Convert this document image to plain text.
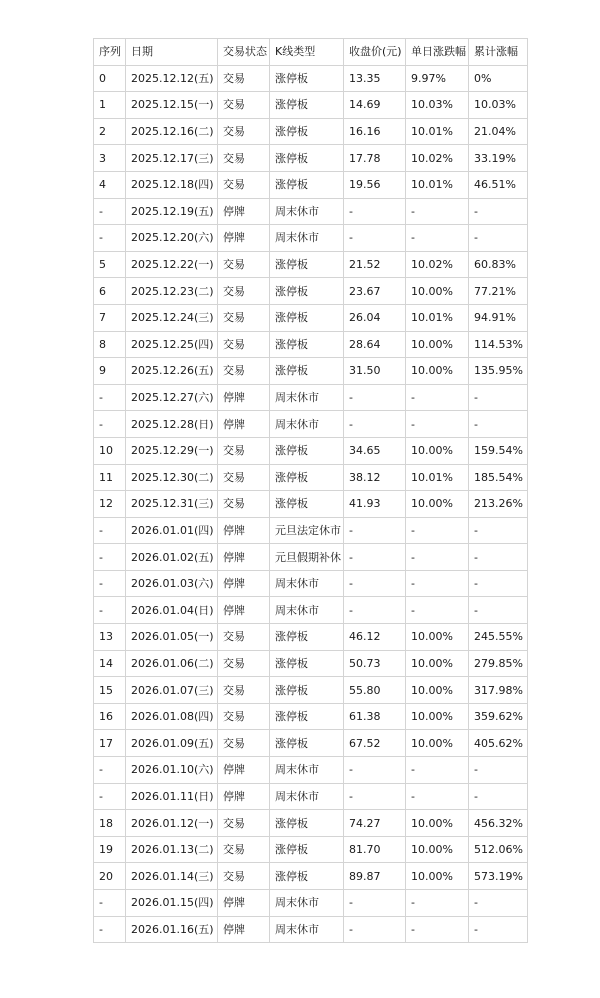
序列	日期	交易状态	K线类型	收盘价(元)	单日涨跌幅	累计涨幅
0	2025.12.12(五)	交易	涨停板	13.35	9.97%	0%
1	2025.12.15(一)	交易	涨停板	14.69	10.03%	10.03%
2	2025.12.16(二)	交易	涨停板	16.16	10.01%	21.04%
3	2025.12.17(三)	交易	涨停板	17.78	10.02%	33.19%
4	2025.12.18(四)	交易	涨停板	19.56	10.01%	46.51%
-	2025.12.19(五)	停牌	周末休市	-	-	-
-	2025.12.20(六)	停牌	周末休市	-	-	-
5	2025.12.22(一)	交易	涨停板	21.52	10.02%	60.83%
6	2025.12.23(二)	交易	涨停板	23.67	10.00%	77.21%
7	2025.12.24(三)	交易	涨停板	26.04	10.01%	94.91%
8	2025.12.25(四)	交易	涨停板	28.64	10.00%	114.53%
9	2025.12.26(五)	交易	涨停板	31.50	10.00%	135.95%
-	2025.12.27(六)	停牌	周末休市	-	-	-
-	2025.12.28(日)	停牌	周末休市	-	-	-
10	2025.12.29(一)	交易	涨停板	34.65	10.00%	159.54%
11	2025.12.30(二)	交易	涨停板	38.12	10.01%	185.54%
12	2025.12.31(三)	交易	涨停板	41.93	10.00%	213.26%
-	2026.01.01(四)	停牌	元旦法定休市	-	-	-
-	2026.01.02(五)	停牌	元旦假期补休	-	-	-
-	2026.01.03(六)	停牌	周末休市	-	-	-
-	2026.01.04(日)	停牌	周末休市	-	-	-
13	2026.01.05(一)	交易	涨停板	46.12	10.00%	245.55%
14	2026.01.06(二)	交易	涨停板	50.73	10.00%	279.85%
15	2026.01.07(三)	交易	涨停板	55.80	10.00%	317.98%
16	2026.01.08(四)	交易	涨停板	61.38	10.00%	359.62%
17	2026.01.09(五)	交易	涨停板	67.52	10.00%	405.62%
-	2026.01.10(六)	停牌	周末休市	-	-	-
-	2026.01.11(日)	停牌	周末休市	-	-	-
18	2026.01.12(一)	交易	涨停板	74.27	10.00%	456.32%
19	2026.01.13(二)	交易	涨停板	81.70	10.00%	512.06%
20	2026.01.14(三)	交易	涨停板	89.87	10.00%	573.19%
-	2026.01.15(四)	停牌	周末休市	-	-	-
-	2026.01.16(五)	停牌	周末休市	-	-	-
